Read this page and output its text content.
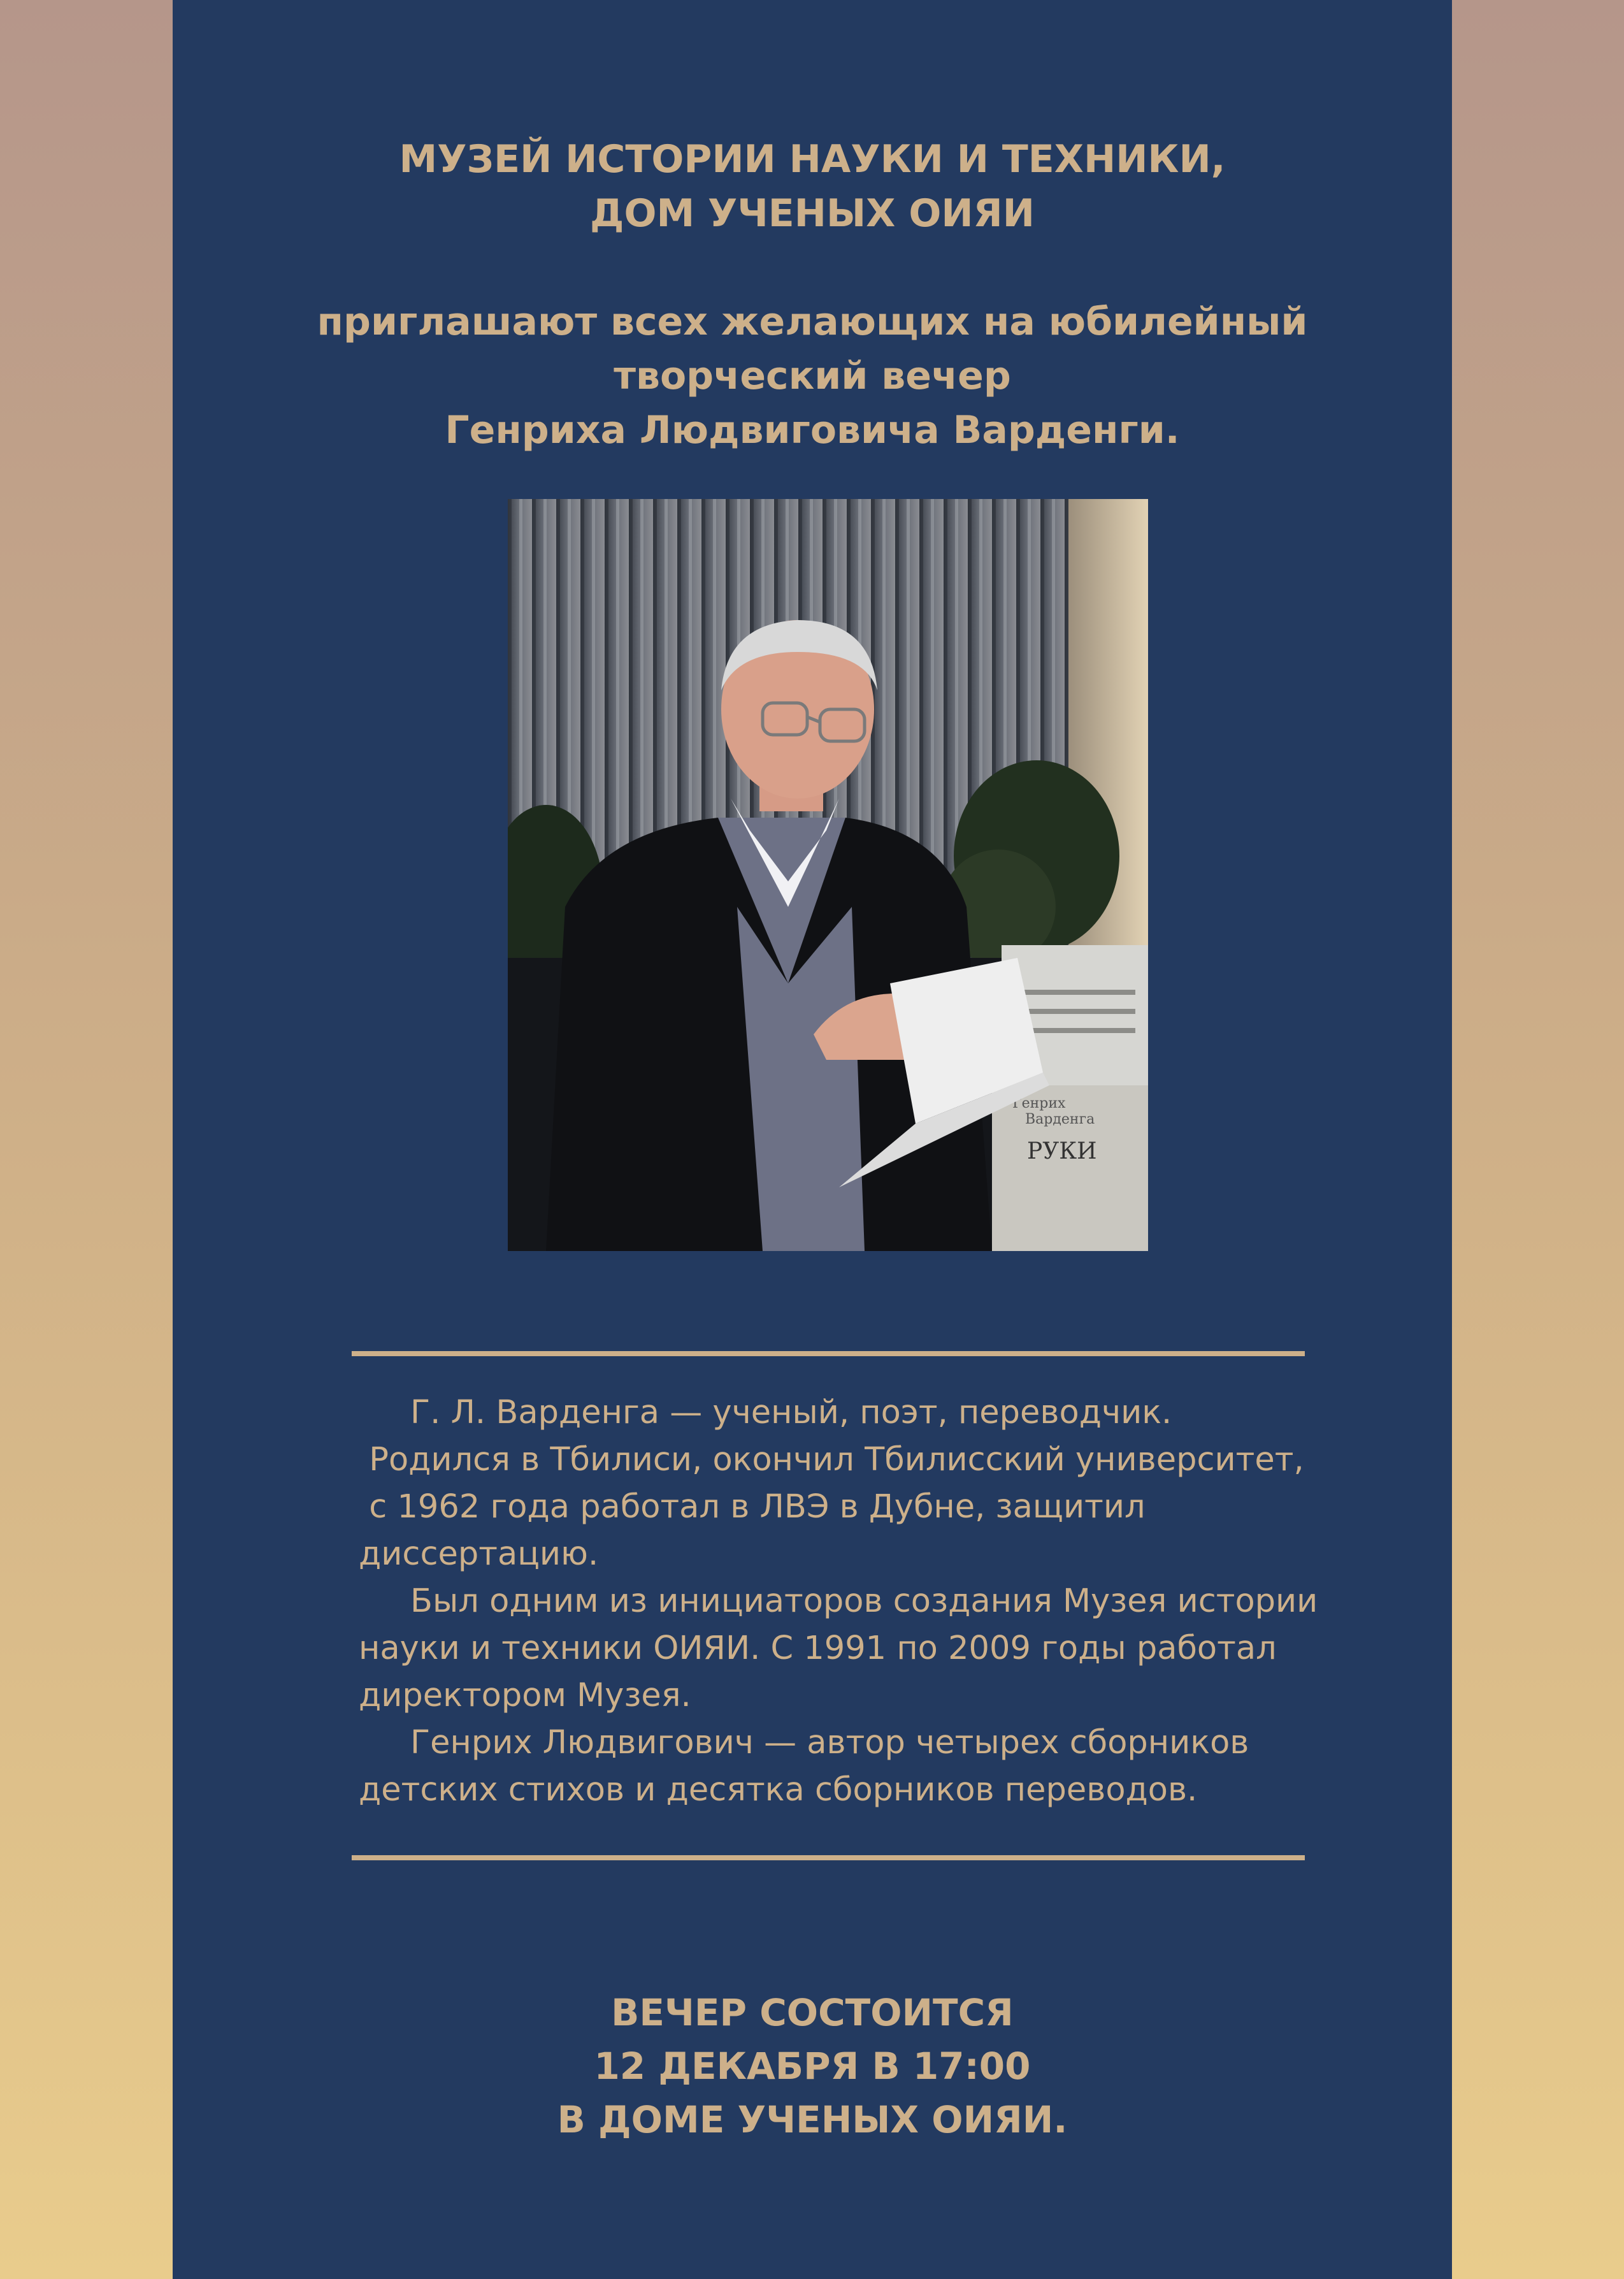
МУЗЕЙ ИСТОРИИ НАУКИ И ТЕХНИКИ,
ДОМ УЧЕНЫХ ОИЯИ
приглашают всех желающих на юбилейный
творческий вечер
Генриха Людвиговича Варденги.
Генрих
Варденга
РУКИ
Г. Л. Варденга — ученый, поэт, переводчик.
Родился в Тбилиси, окончил Тбилисский университет,
с 1962 года работал в ЛВЭ в Дубне, защитил
диссертацию.
Был одним из инициаторов создания Музея истории
науки и техники ОИЯИ. С 1991 по 2009 годы работал
директором Музея.
Генрих Людвигович — автор четырех сборников
детских стихов и десятка сборников переводов.
ВЕЧЕР СОСТОИТСЯ
12 ДЕКАБРЯ В 17:00
В ДОМЕ УЧЕНЫХ ОИЯИ.
